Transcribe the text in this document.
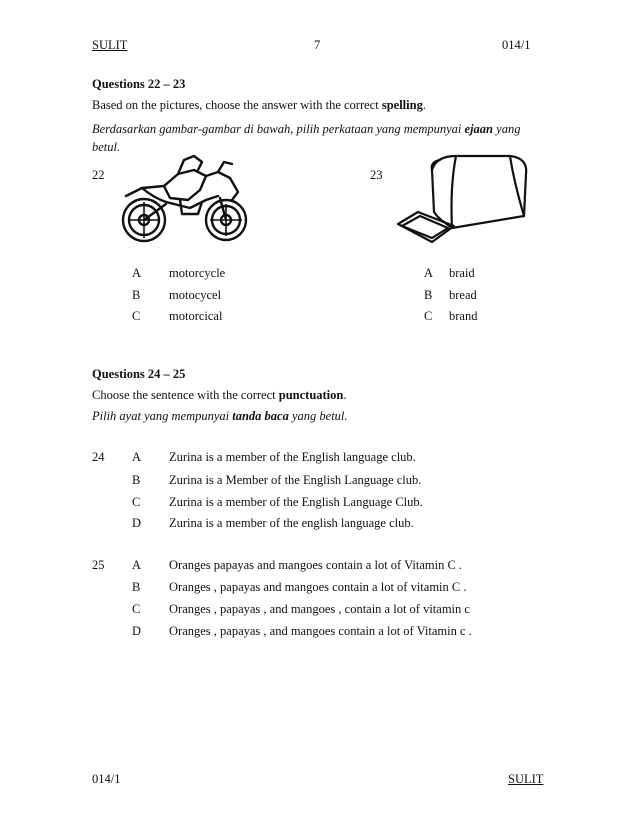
SULIT	7	014/1
Questions 22 – 23
Based on the pictures, choose the answer with the correct spelling.
Berdasarkan gambar-gambar di bawah, pilih perkataan yang mempunyai ejaan yang betul.
22	23
A motorcycle
B motocycel
C motorcical
A braid
B bread
C brand
Questions 24 – 25
Choose the sentence with the correct punctuation.
Pilih ayat yang mempunyai tanda baca yang betul.
24 A Zurina is a member of the English language club.
B Zurina is a Member of the English Language club.
C Zurina is a member of the English Language Club.
D Zurina is a member of the english language club.
25 A Oranges papayas and mangoes contain a lot of Vitamin C .
B Oranges , papayas and mangoes contain a lot of vitamin C .
C Oranges , papayas , and mangoes , contain a lot of vitamin c
D Oranges , papayas , and mangoes contain a lot of Vitamin c .
014/1	SULIT
